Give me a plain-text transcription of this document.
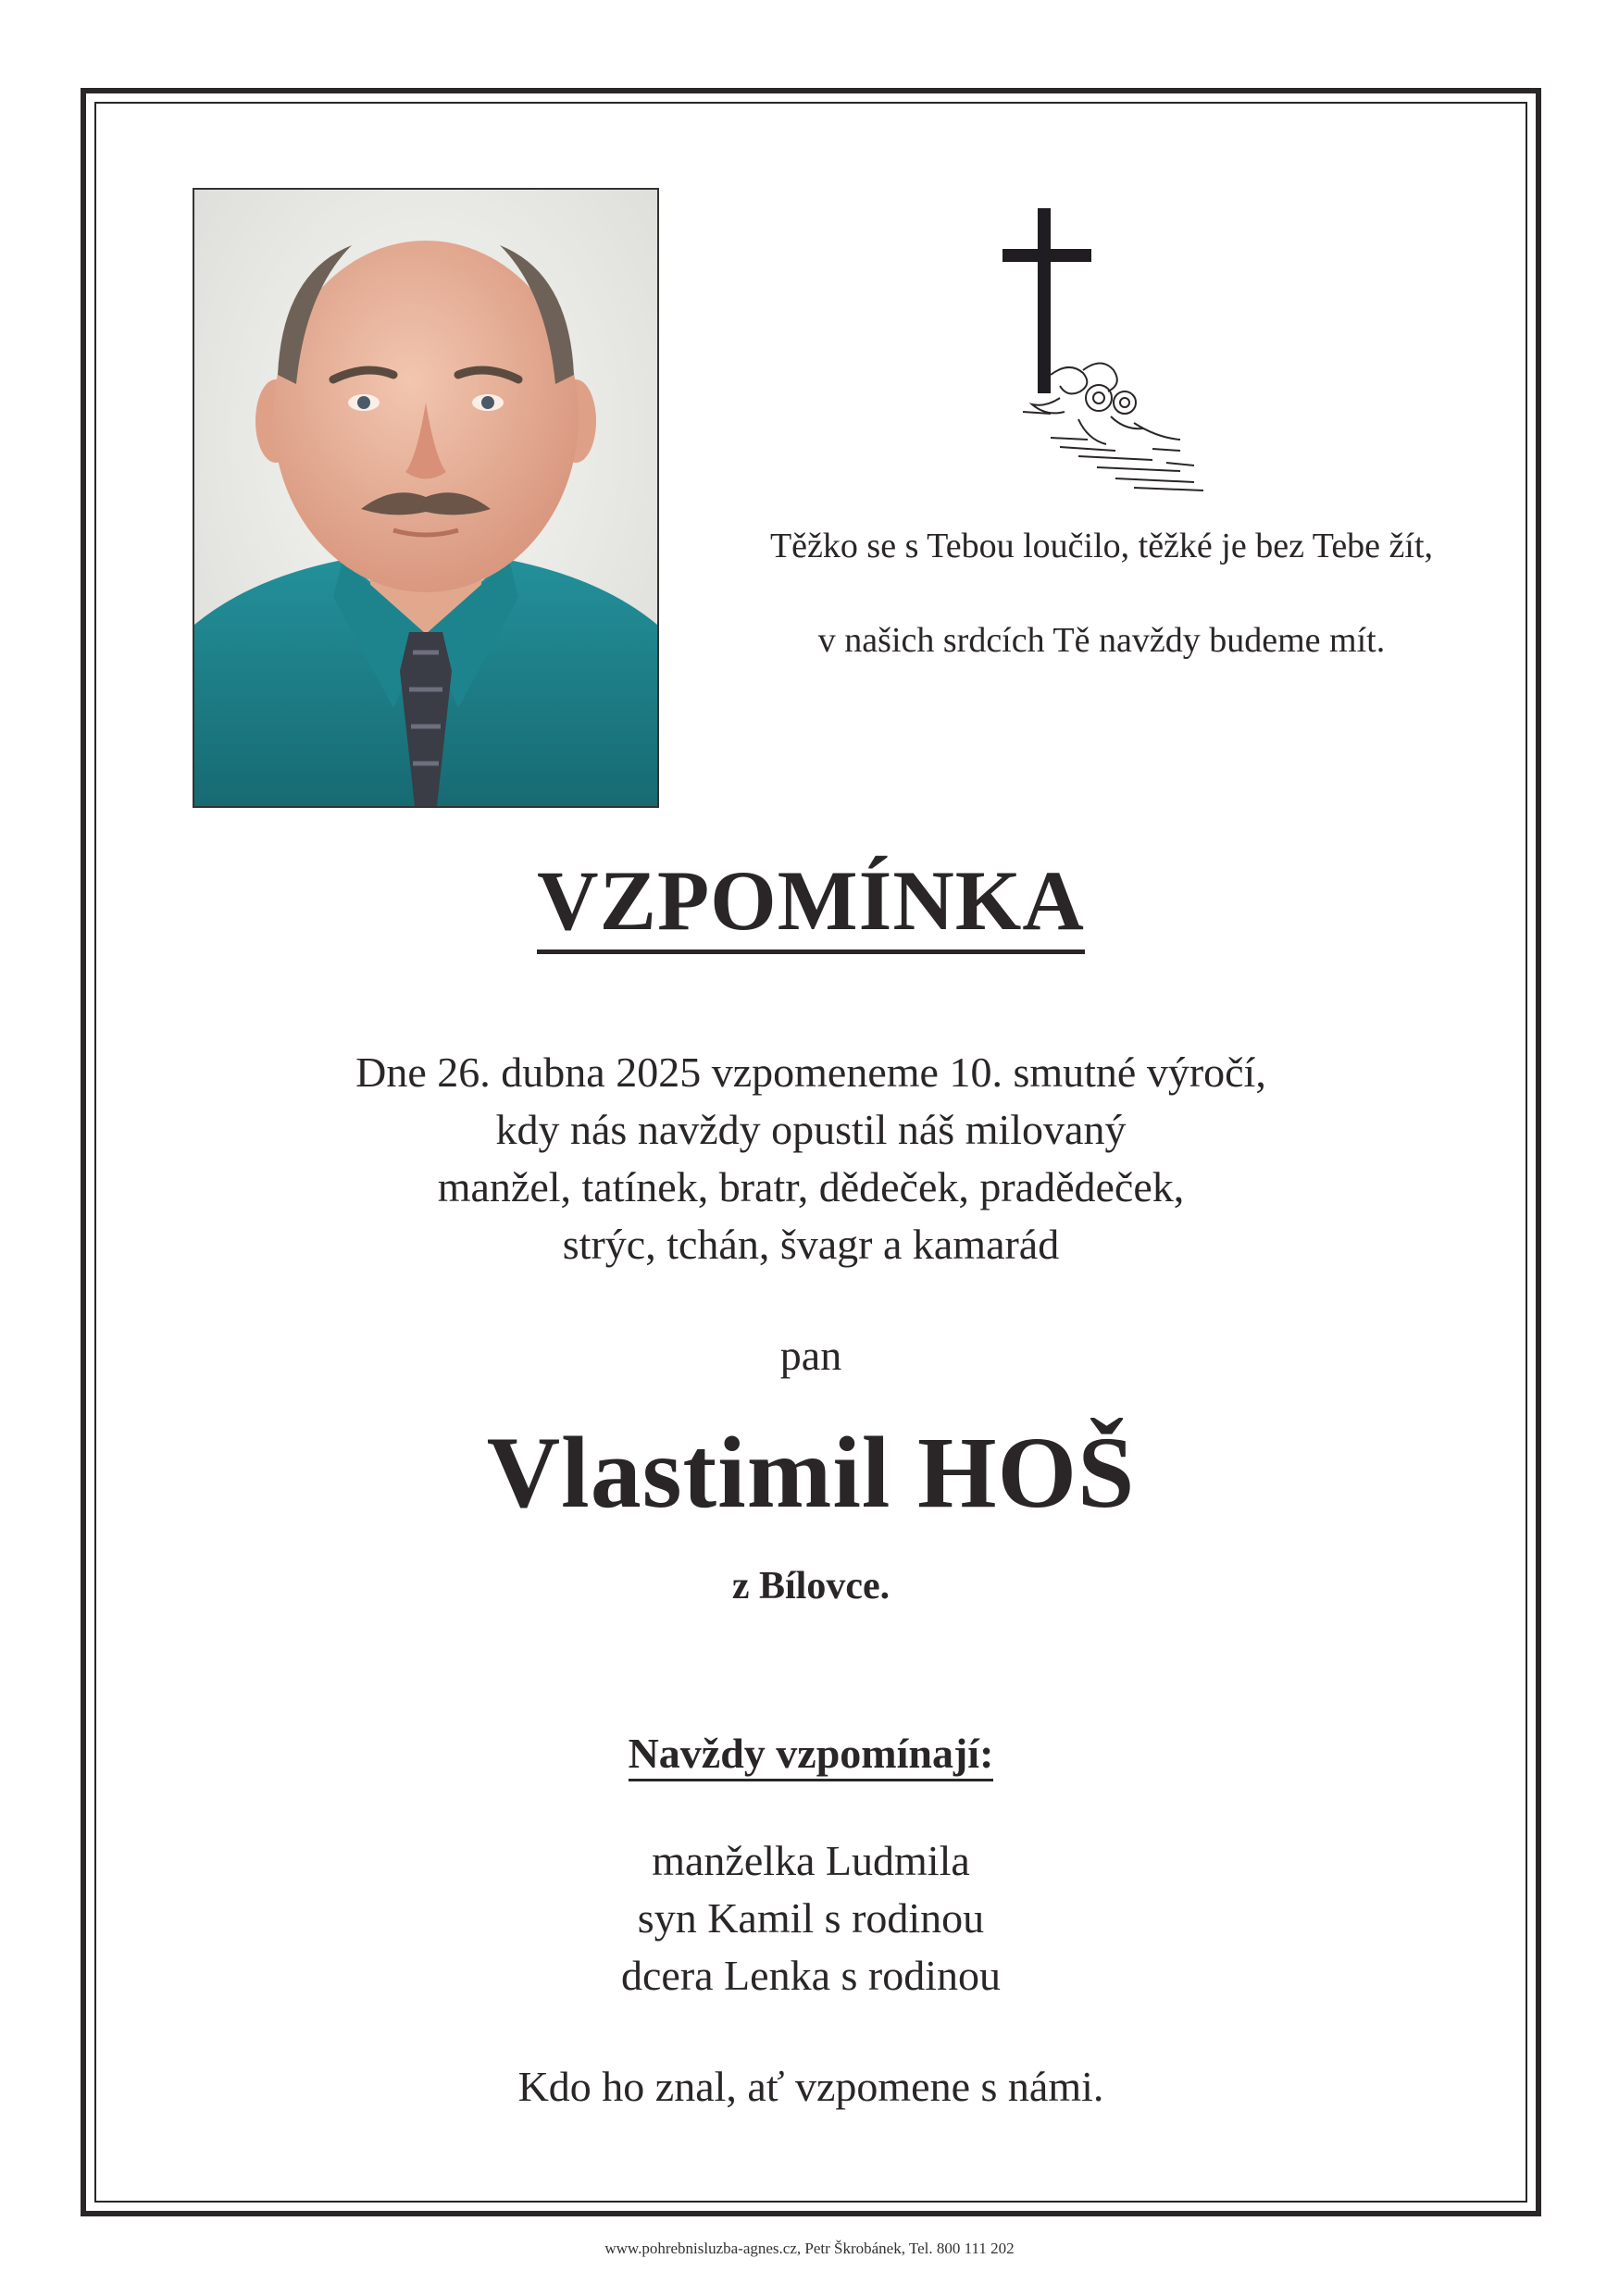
Těžko se s Tebou loučilo, těžké je bez Tebe žít,
v našich srdcích Tě navždy budeme mít.
VZPOMÍNKA
Dne 26. dubna 2025 vzpomeneme 10. smutné výročí,
kdy nás navždy opustil náš milovaný
manžel, tatínek, bratr, dědeček, pradědeček,
strýc, tchán, švagr a kamarád
pan
Vlastimil HOŠ
z Bílovce.
Navždy vzpomínají:
manželka Ludmila
syn Kamil s rodinou
dcera Lenka s rodinou
Kdo ho znal, ať vzpomene s námi.
www.pohrebnisluzba-agnes.cz, Petr Škrobánek, Tel. 800 111 202
